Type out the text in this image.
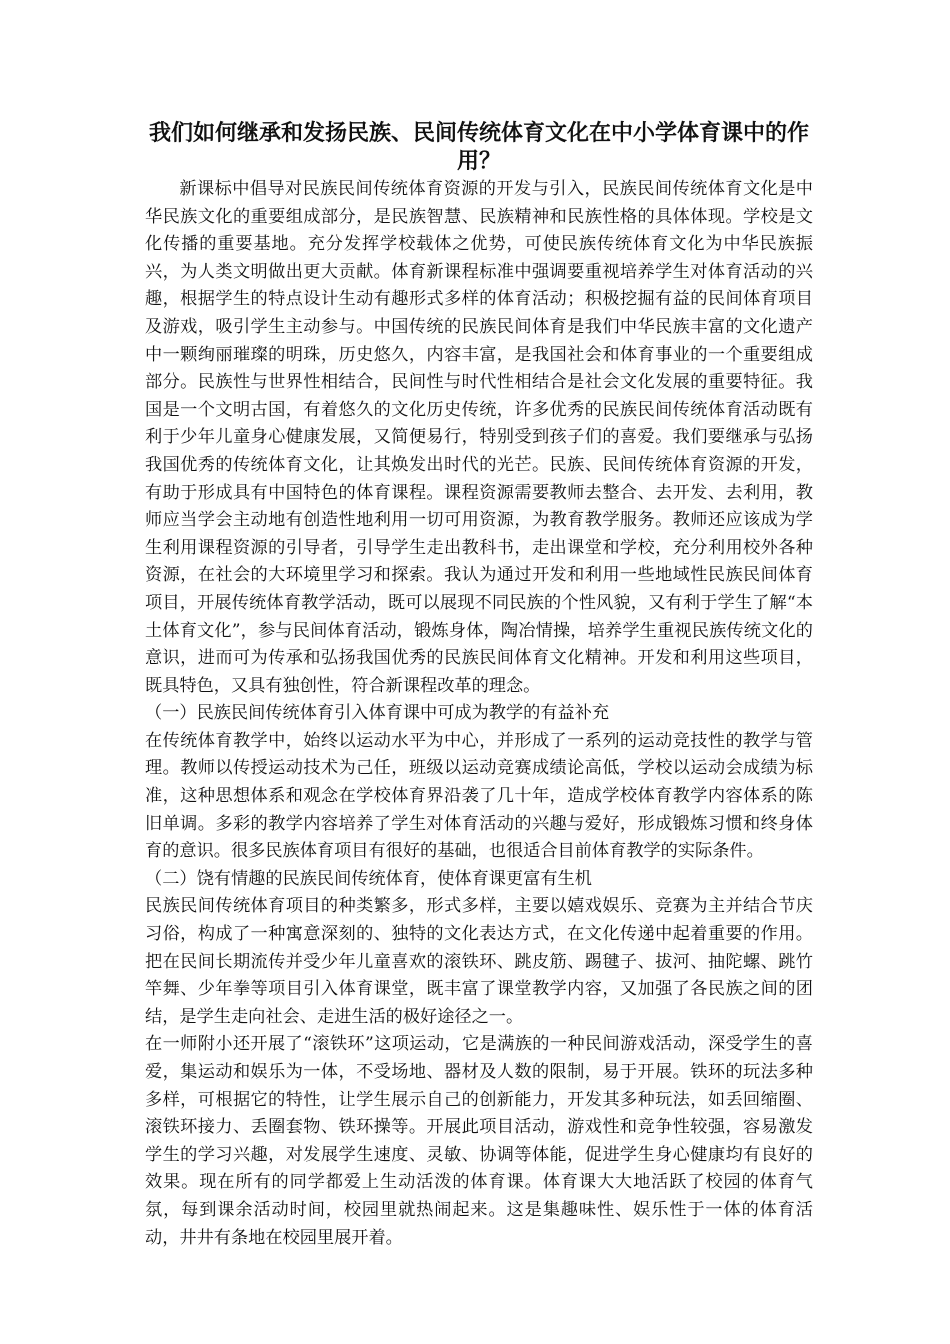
我们如何继承和发扬民族、民间传统体育文化在中小学体育课中的作用？

新课标中倡导对民族民间传统体育资源的开发与引入，民族民间传统体育文化是中华民族文化的重要组成部分，是民族智慧、民族精神和民族性格的具体体现。学校是文化传播的重要基地。充分发挥学校载体之优势，可使民族传统体育文化为中华民族振兴，为人类文明做出更大贡献。体育新课程标准中强调要重视培养学生对体育活动的兴趣，根据学生的特点设计生动有趣形式多样的体育活动；积极挖掘有益的民间体育项目及游戏，吸引学生主动参与。中国传统的民族民间体育是我们中华民族丰富的文化遗产中一颗绚丽璀璨的明珠，历史悠久，内容丰富，是我国社会和体育事业的一个重要组成部分。民族性与世界性相结合，民间性与时代性相结合是社会文化发展的重要特征。我国是一个文明古国，有着悠久的文化历史传统，许多优秀的民族民间传统体育活动既有利于少年儿童身心健康发展，又简便易行，特别受到孩子们的喜爱。我们要继承与弘扬我国优秀的传统体育文化，让其焕发出时代的光芒。民族、民间传统体育资源的开发，有助于形成具有中国特色的体育课程。课程资源需要教师去整合、去开发、去利用，教师应当学会主动地有创造性地利用一切可用资源，为教育教学服务。教师还应该成为学生利用课程资源的引导者，引导学生走出教科书，走出课堂和学校，充分利用校外各种资源，在社会的大环境里学习和探索。我认为通过开发和利用一些地域性民族民间体育项目，开展传统体育教学活动，既可以展现不同民族的个性风貌，又有利于学生了解“本土体育文化”，参与民间体育活动，锻炼身体，陶冶情操，培养学生重视民族传统文化的意识，进而可为传承和弘扬我国优秀的民族民间体育文化精神。开发和利用这些项目，既具特色，又具有独创性，符合新课程改革的理念。

（一）民族民间传统体育引入体育课中可成为教学的有益补充

在传统体育教学中，始终以运动水平为中心，并形成了一系列的运动竞技性的教学与管理。教师以传授运动技术为己任，班级以运动竞赛成绩论高低，学校以运动会成绩为标准，这种思想体系和观念在学校体育界沿袭了几十年，造成学校体育教学内容体系的陈旧单调。多彩的教学内容培养了学生对体育活动的兴趣与爱好，形成锻炼习惯和终身体育的意识。很多民族体育项目有很好的基础，也很适合目前体育教学的实际条件。

（二）饶有情趣的民族民间传统体育，使体育课更富有生机

民族民间传统体育项目的种类繁多，形式多样，主要以嬉戏娱乐、竞赛为主并结合节庆习俗，构成了一种寓意深刻的、独特的文化表达方式，在文化传递中起着重要的作用。把在民间长期流传并受少年儿童喜欢的滚铁环、跳皮筋、踢毽子、拔河、抽陀螺、跳竹竿舞、少年拳等项目引入体育课堂，既丰富了课堂教学内容，又加强了各民族之间的团结，是学生走向社会、走进生活的极好途径之一。

在一师附小还开展了“滚铁环”这项运动，它是满族的一种民间游戏活动，深受学生的喜爱，集运动和娱乐为一体，不受场地、器材及人数的限制，易于开展。铁环的玩法多种多样，可根据它的特性，让学生展示自己的创新能力，开发其多种玩法，如丢回缩圈、滚铁环接力、丢圈套物、铁环操等。开展此项目活动，游戏性和竞争性较强，容易激发学生的学习兴趣，对发展学生速度、灵敏、协调等体能，促进学生身心健康均有良好的效果。现在所有的同学都爱上生动活泼的体育课。体育课大大地活跃了校园的体育气氛，每到课余活动时间，校园里就热闹起来。这是集趣味性、娱乐性于一体的体育活动，井井有条地在校园里展开着。
